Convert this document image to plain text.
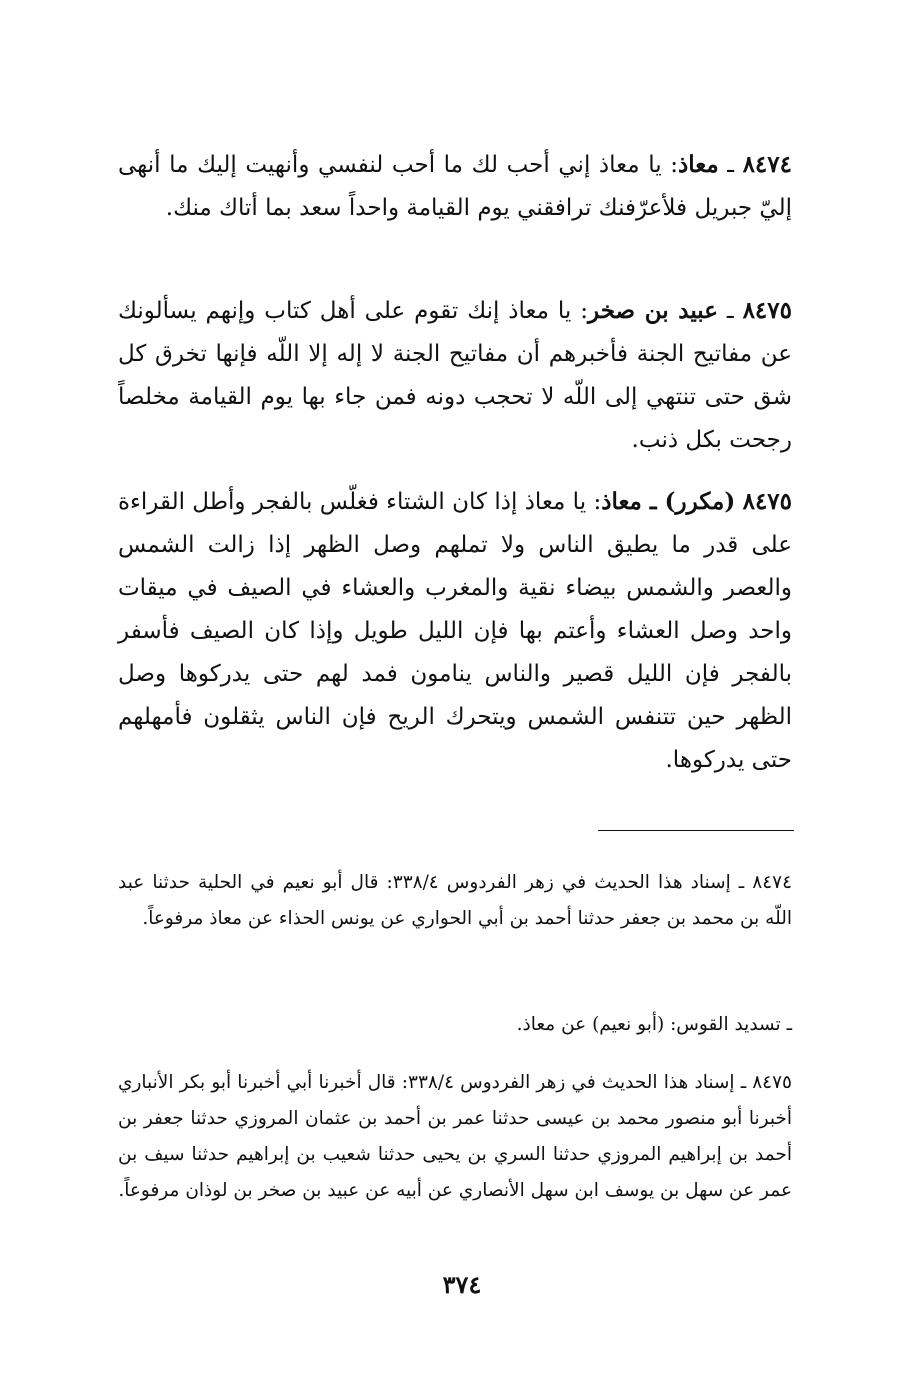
٨٤٧٤ ـ معاذ: يا معاذ إني أحب لك ما أحب لنفسي وأنهيت إليك ما أنهى إليّ جبريل فلأعرّفنك ترافقني يوم القيامة واحداً سعد بما أتاك منك.

٨٤٧٥ ـ عبيد بن صخر: يا معاذ إنك تقوم على أهل كتاب وإنهم يسألونك عن مفاتيح الجنة فأخبرهم أن مفاتيح الجنة لا إله إلا اللّه فإنها تخرق كل شق حتى تنتهي إلى اللّه لا تحجب دونه فمن جاء بها يوم القيامة مخلصاً رجحت بكل ذنب.

٨٤٧٥ (مكرر) ـ معاذ: يا معاذ إذا كان الشتاء فغلّس بالفجر وأطل القراءة على قدر ما يطيق الناس ولا تملهم وصل الظهر إذا زالت الشمس والعصر والشمس بيضاء نقية والمغرب والعشاء في الصيف في ميقات واحد وصل العشاء وأعتم بها فإن الليل طويل وإذا كان الصيف فأسفر بالفجر فإن الليل قصير والناس ينامون فمد لهم حتى يدركوها وصل الظهر حين تتنفس الشمس ويتحرك الريح فإن الناس يثقلون فأمهلهم حتى يدركوها.

٨٤٧٤ ـ إسناد هذا الحديث في زهر الفردوس ٣٣٨/٤: قال أبو نعيم في الحلية حدثنا عبد اللّه بن محمد بن جعفر حدثنا أحمد بن أبي الحواري عن يونس الحذاء عن معاذ مرفوعاً.

ـ تسديد القوس: (أبو نعيم) عن معاذ.

٨٤٧٥ ـ إسناد هذا الحديث في زهر الفردوس ٣٣٨/٤: قال أخبرنا أبي أخبرنا أبو بكر الأنباري أخبرنا أبو منصور محمد بن عيسى حدثنا عمر بن أحمد بن عثمان المروزي حدثنا جعفر بن أحمد بن إبراهيم المروزي حدثنا السري بن يحيى حدثنا شعيب بن إبراهيم حدثنا سيف بن عمر عن سهل بن يوسف ابن سهل الأنصاري عن أبيه عن عبيد بن صخر بن لوذان مرفوعاً.

٣٧٤
